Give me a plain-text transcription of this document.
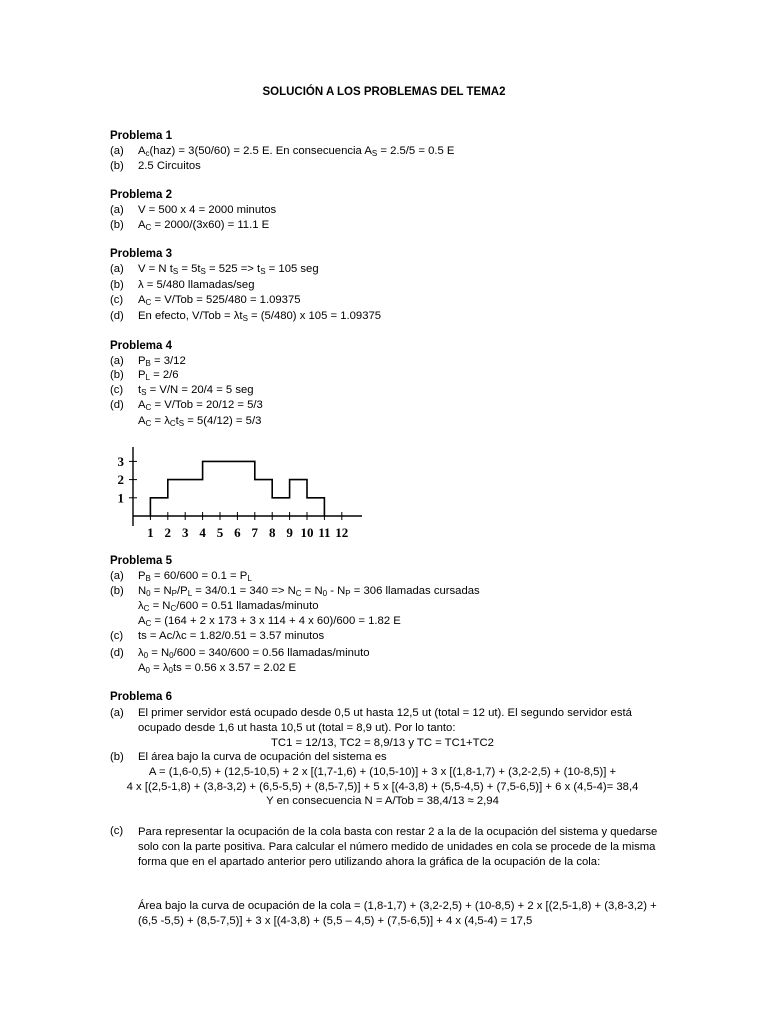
SOLUCIÓN A LOS PROBLEMAS DEL TEMA2
Problema 1
(a) $A_c(haz) = 3(50/60) = 2.5$ E. En consecuencia $A_S = 2.5/5 = 0.5$ E
(b) 2.5 Circuitos
Problema 2
(a) V = 500 x 4 = 2000 minutos
(b) $A_C = 2000/(3x60) = 11.1$ E
Problema 3
(a) V = N $t_S = 5t_S = 525 => t_S = 105$ seg
(b) λ = 5/480 llamadas/seg
(c) $A_C = V/Tob = 525/480 = 1.09375$
(d) En efecto, $V/Tob = \lambda t_S = (5/480)$ x 105 = 1.09375
Problema 4
(a) $P_B = 3/12$
(b) $P_L = 2/6$
(c) $t_S = V/N = 20/4 = 5$ seg
(d) $A_C = V/Tob = 20/12 = 5/3$
$A_C = \lambda_Ct_S = 5(4/12) = 5/3$
1 2 3 4 5 6 7 8 9 10 11 12
1
2
3
Problema 5
(a) $P_B = 60/600 = 0.1 = P_L$
(b) $N_0 = N_P/P_L = 34/0.1 = 340 => N_C = N_0 - N_P = 306$ llamadas cursadas
$\lambda_C = N_C/600 = 0.51$ llamadas/minuto
$A_C = (164 + 2$ x 173 + 3 x 114 + 4 x 60)/600 = 1.82 E
(c) ts = Ac/λc = 1.82/0.51 = 3.57 minutos
(d) $\lambda_0 = N_0/600 = 340/600 = 0.56$ llamadas/minuto
$A_0 = \lambda_0ts = 0.56$ x 3.57 = 2.02 E
Problema 6
(a) El primer servidor está ocupado desde 0,5 ut hasta 12,5 ut (total = 12 ut). El segundo servidor está
ocupado desde 1,6 ut hasta 10,5 ut (total = 8,9 ut). Por lo tanto:
TC1 = 12/13, TC2 = 8,9/13 y TC = TC1+TC2
(b) El área bajo la curva de ocupación del sistema es
A = (1,6-0,5) + (12,5-10,5) + 2 x [(1,7-1,6) + (10,5-10)] + 3 x [(1,8-1,7) + (3,2-2,5) + (10-8,5)] +
4 x [(2,5-1,8) + (3,8-3,2) + (6,5-5,5) + (8,5-7,5)] + 5 x [(4-3,8) + (5,5-4,5) + (7,5-6,5)] + 6 x (4,5-4)= 38,4
Y en consecuencia N = A/Tob = 38,4/13 ≈ 2,94
(c) Para representar la ocupación de la cola basta con restar 2 a la de la ocupación del sistema y quedarse solo con la parte positiva. Para calcular el número medido de unidades en cola se procede de la misma forma que en el apartado anterior pero utilizando ahora la gráfica de la ocupación de la cola:
Área bajo la curva de ocupación de la cola = (1,8-1,7) + (3,2-2,5) + (10-8,5) + 2 x [(2,5-1,8) + (3,8-3,2) + (6,5 -5,5) + (8,5-7,5)] + 3 x [(4-3,8) + (5,5 – 4,5) + (7,5-6,5)] + 4 x (4,5-4) = 17,5
